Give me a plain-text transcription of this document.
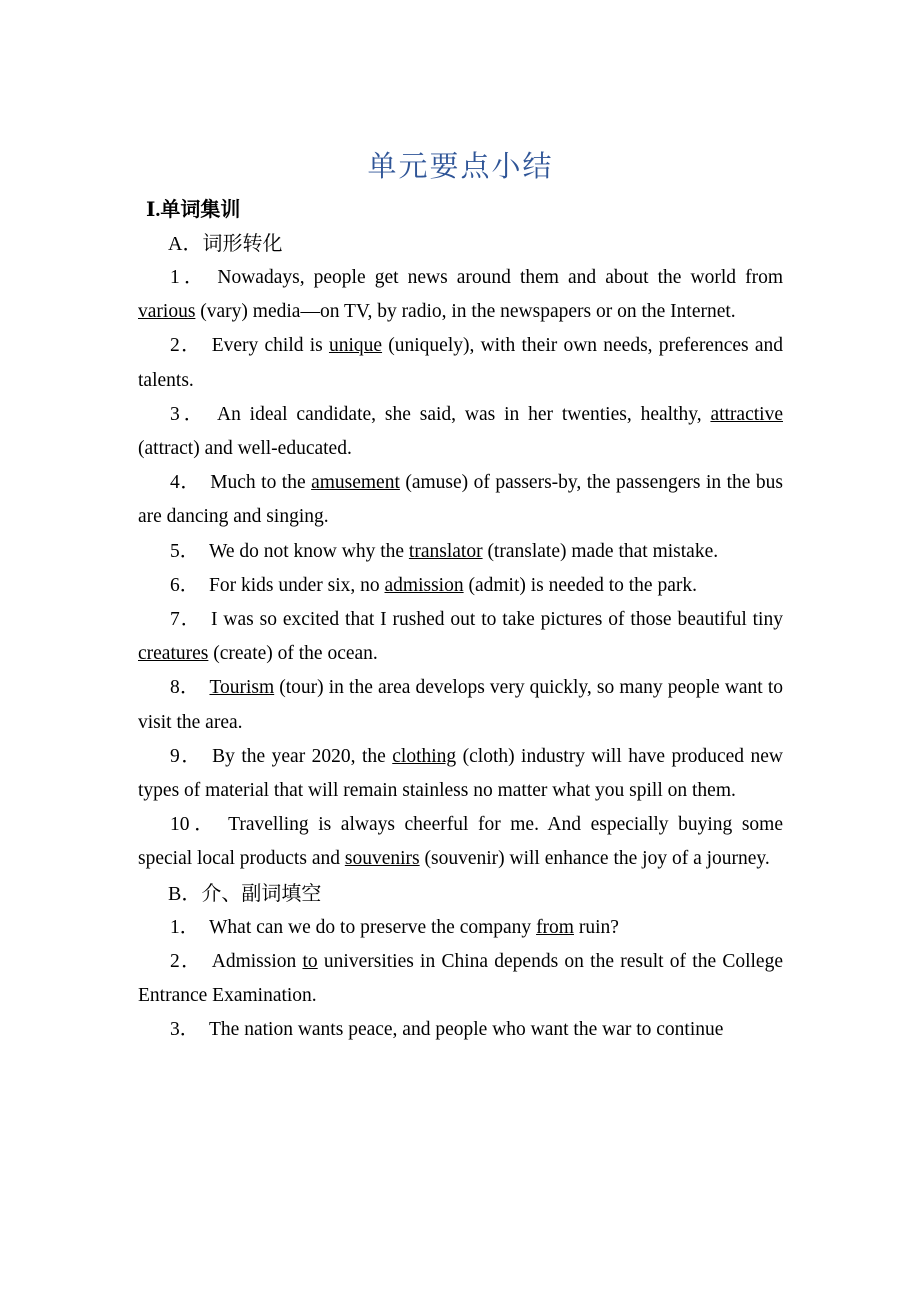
单元要点小结
Ⅰ.单词集训
A．词形转化

1． Nowadays, people get news around them and about the world from various (vary) media—on TV, by radio, in the newspapers or on the Internet.

2． Every child is unique (uniquely), with their own needs, preferences and talents.

3． An ideal candidate, she said, was in her twenties, healthy, attractive (attract) and well-educated.

4． Much to the amusement (amuse) of passers-by, the passengers in the bus are dancing and singing.

5． We do not know why the translator (translate) made that mistake.

6． For kids under six, no admission (admit) is needed to the park.

7． I was so excited that I rushed out to take pictures of those beautiful tiny creatures (create) of the ocean.

8． Tourism (tour) in the area develops very quickly, so many people want to visit the area.

9． By the year 2020, the clothing (cloth) industry will have produced new types of material that will remain stainless no matter what you spill on them.

10． Travelling is always cheerful for me. And especially buying some special local products and souvenirs (souvenir) will enhance the joy of a journey.

B．介、副词填空

1． What can we do to preserve the company from ruin?

2． Admission to universities in China depends on the result of the College Entrance Examination.

3． The nation wants peace, and people who want the war to continue
